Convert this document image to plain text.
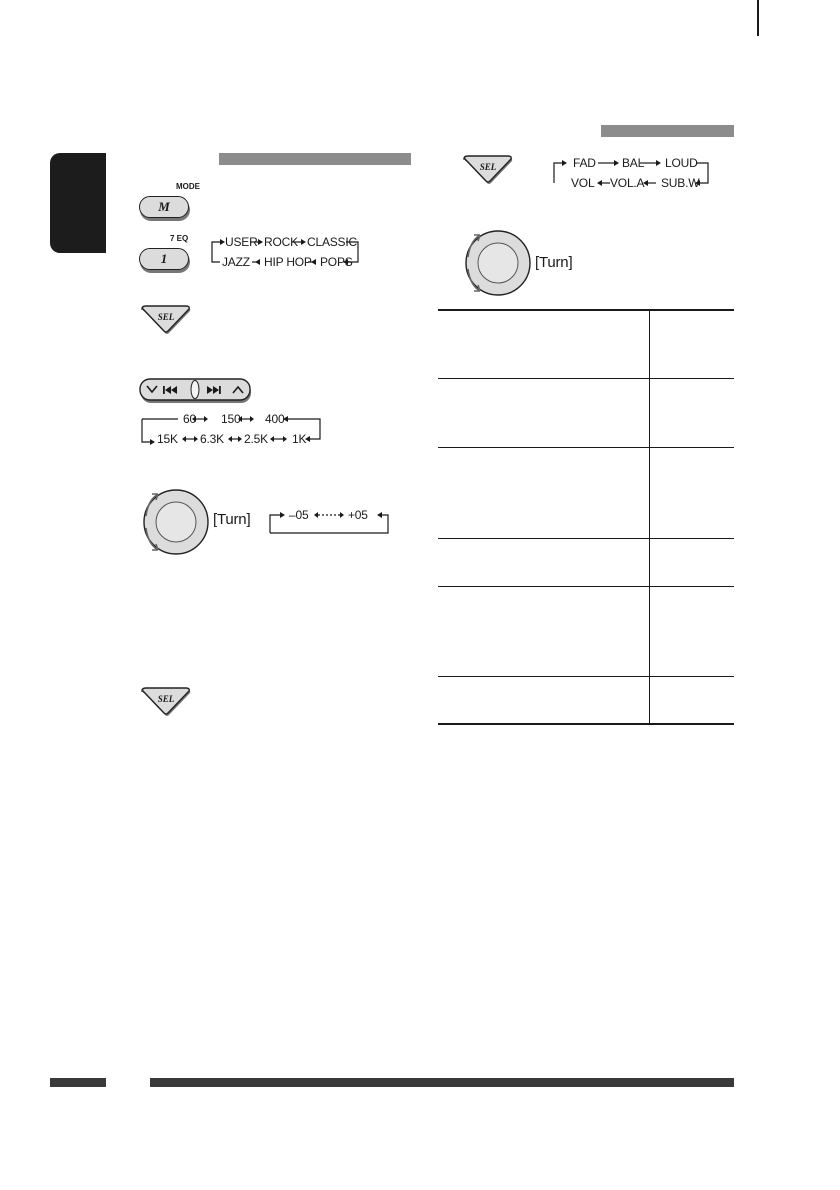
MODE
M
7 EQ
1
USER ROCK CLASSIC
JAZZ HIP HOP POPS
SEL
60 150 400
15K 6.3K 2.5K 1K
[Turn]	–05	+05
SEL
SEL	FAD BAL LOUD
VOL VOL.A SUB.W
[Turn]
